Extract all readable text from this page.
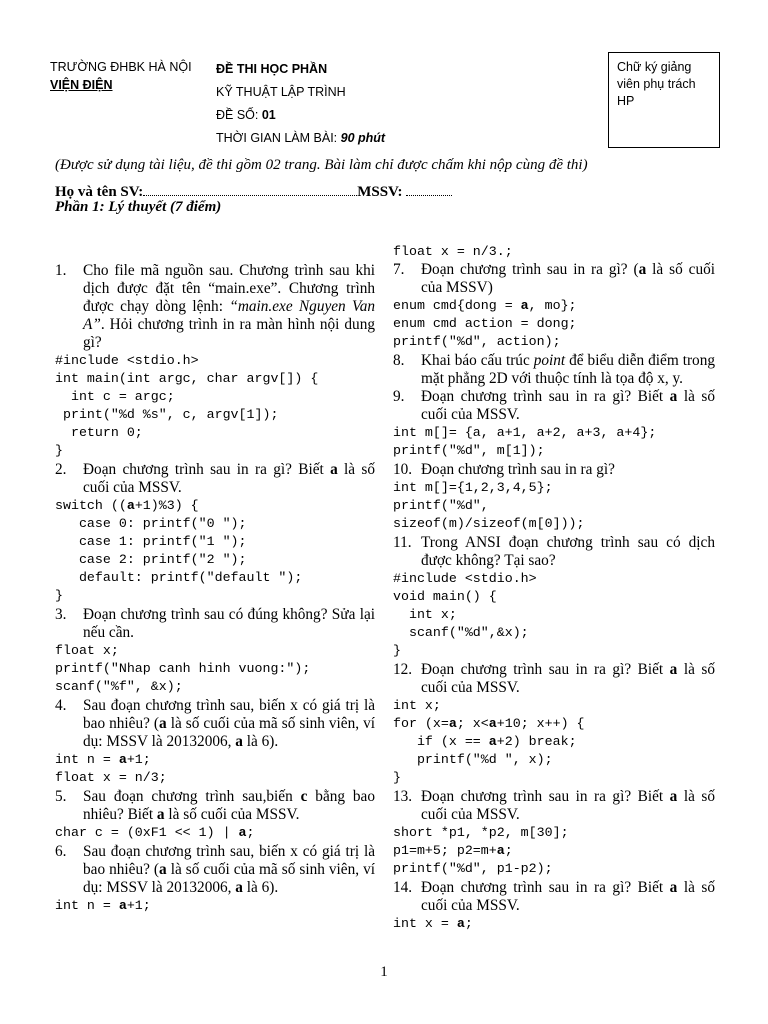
TRƯỜNG ĐHBK HÀ NỘI
VIỆN ĐIỆN
ĐỀ THI HỌC PHẦN
KỸ THUẬT LẬP TRÌNH
ĐỀ SỐ: 01
THỜI GIAN LÀM BÀI: 90 phút
Chữ ký giảng viên phụ trách HP
(Được sử dụng tài liệu, đề thi gồm 02 trang. Bài làm chỉ được chấm khi nộp cùng đề thi)
Họ và tên SV:	MSSV:
Phần 1: Lý thuyết (7 điểm)

1. Cho file mã nguồn sau. Chương trình sau khi dịch được đặt tên “main.exe”. Chương trình được chạy dòng lệnh: “main.exe Nguyen Van A”. Hỏi chương trình in ra màn hình nội dung gì?

#include <stdio.h>
int main(int argc, char argv[]) {
int c = argc;
print("%d %s", c, argv[1]);
return 0;
}

2. Đoạn chương trình sau in ra gì? Biết a là số cuối của MSSV.

switch ((a+1)%3) {
case 0: printf("0 ");
case 1: printf("1 ");
case 2: printf("2 ");
default: printf("default ");
}

3. Đoạn chương trình sau có đúng không? Sửa lại nếu cần.

float x;
printf("Nhap canh hinh vuong:");
scanf("%f", &x);

4. Sau đoạn chương trình sau, biến x có giá trị là bao nhiêu? (a là số cuối của mã số sinh viên, ví dụ: MSSV là 20132006, a là 6).

int n = a+1;
float x = n/3;

5. Sau đoạn chương trình sau,biến c bằng bao nhiêu? Biết a là số cuối của MSSV.

char c = (0xF1 << 1) | a;

6. Sau đoạn chương trình sau, biến x có giá trị là bao nhiêu? (a là số cuối của mã số sinh viên, ví dụ: MSSV là 20132006, a là 6).

int n = a+1;
float x = n/3.;

7. Đoạn chương trình sau in ra gì? (a là số cuối của MSSV)

enum cmd{dong = a, mo};
enum cmd action = dong;
printf("%d", action);

8. Khai báo cấu trúc point để biểu diễn điểm trong mặt phẳng 2D với thuộc tính là tọa độ x, y.

9. Đoạn chương trình sau in ra gì? Biết a là số cuối của MSSV.

int m[]= {a, a+1, a+2, a+3, a+4};
printf("%d", m[1]);

10. Đoạn chương trình sau in ra gì?

int m[]={1,2,3,4,5};
printf("%d",
sizeof(m)/sizeof(m[0]));

11. Trong ANSI đoạn chương trình sau có dịch được không? Tại sao?

#include <stdio.h>
void main() {
int x;
scanf("%d",&x);
}

12. Đoạn chương trình sau in ra gì? Biết a là số cuối của MSSV.

int x;
for (x=a; x<a+10; x++) {
if (x == a+2) break;
printf("%d ", x);
}

13. Đoạn chương trình sau in ra gì? Biết a là số cuối của MSSV.

short *p1, *p2, m[30];
p1=m+5; p2=m+a;
printf("%d", p1-p2);

14. Đoạn chương trình sau in ra gì? Biết a là số cuối của MSSV.

int x = a;
1
